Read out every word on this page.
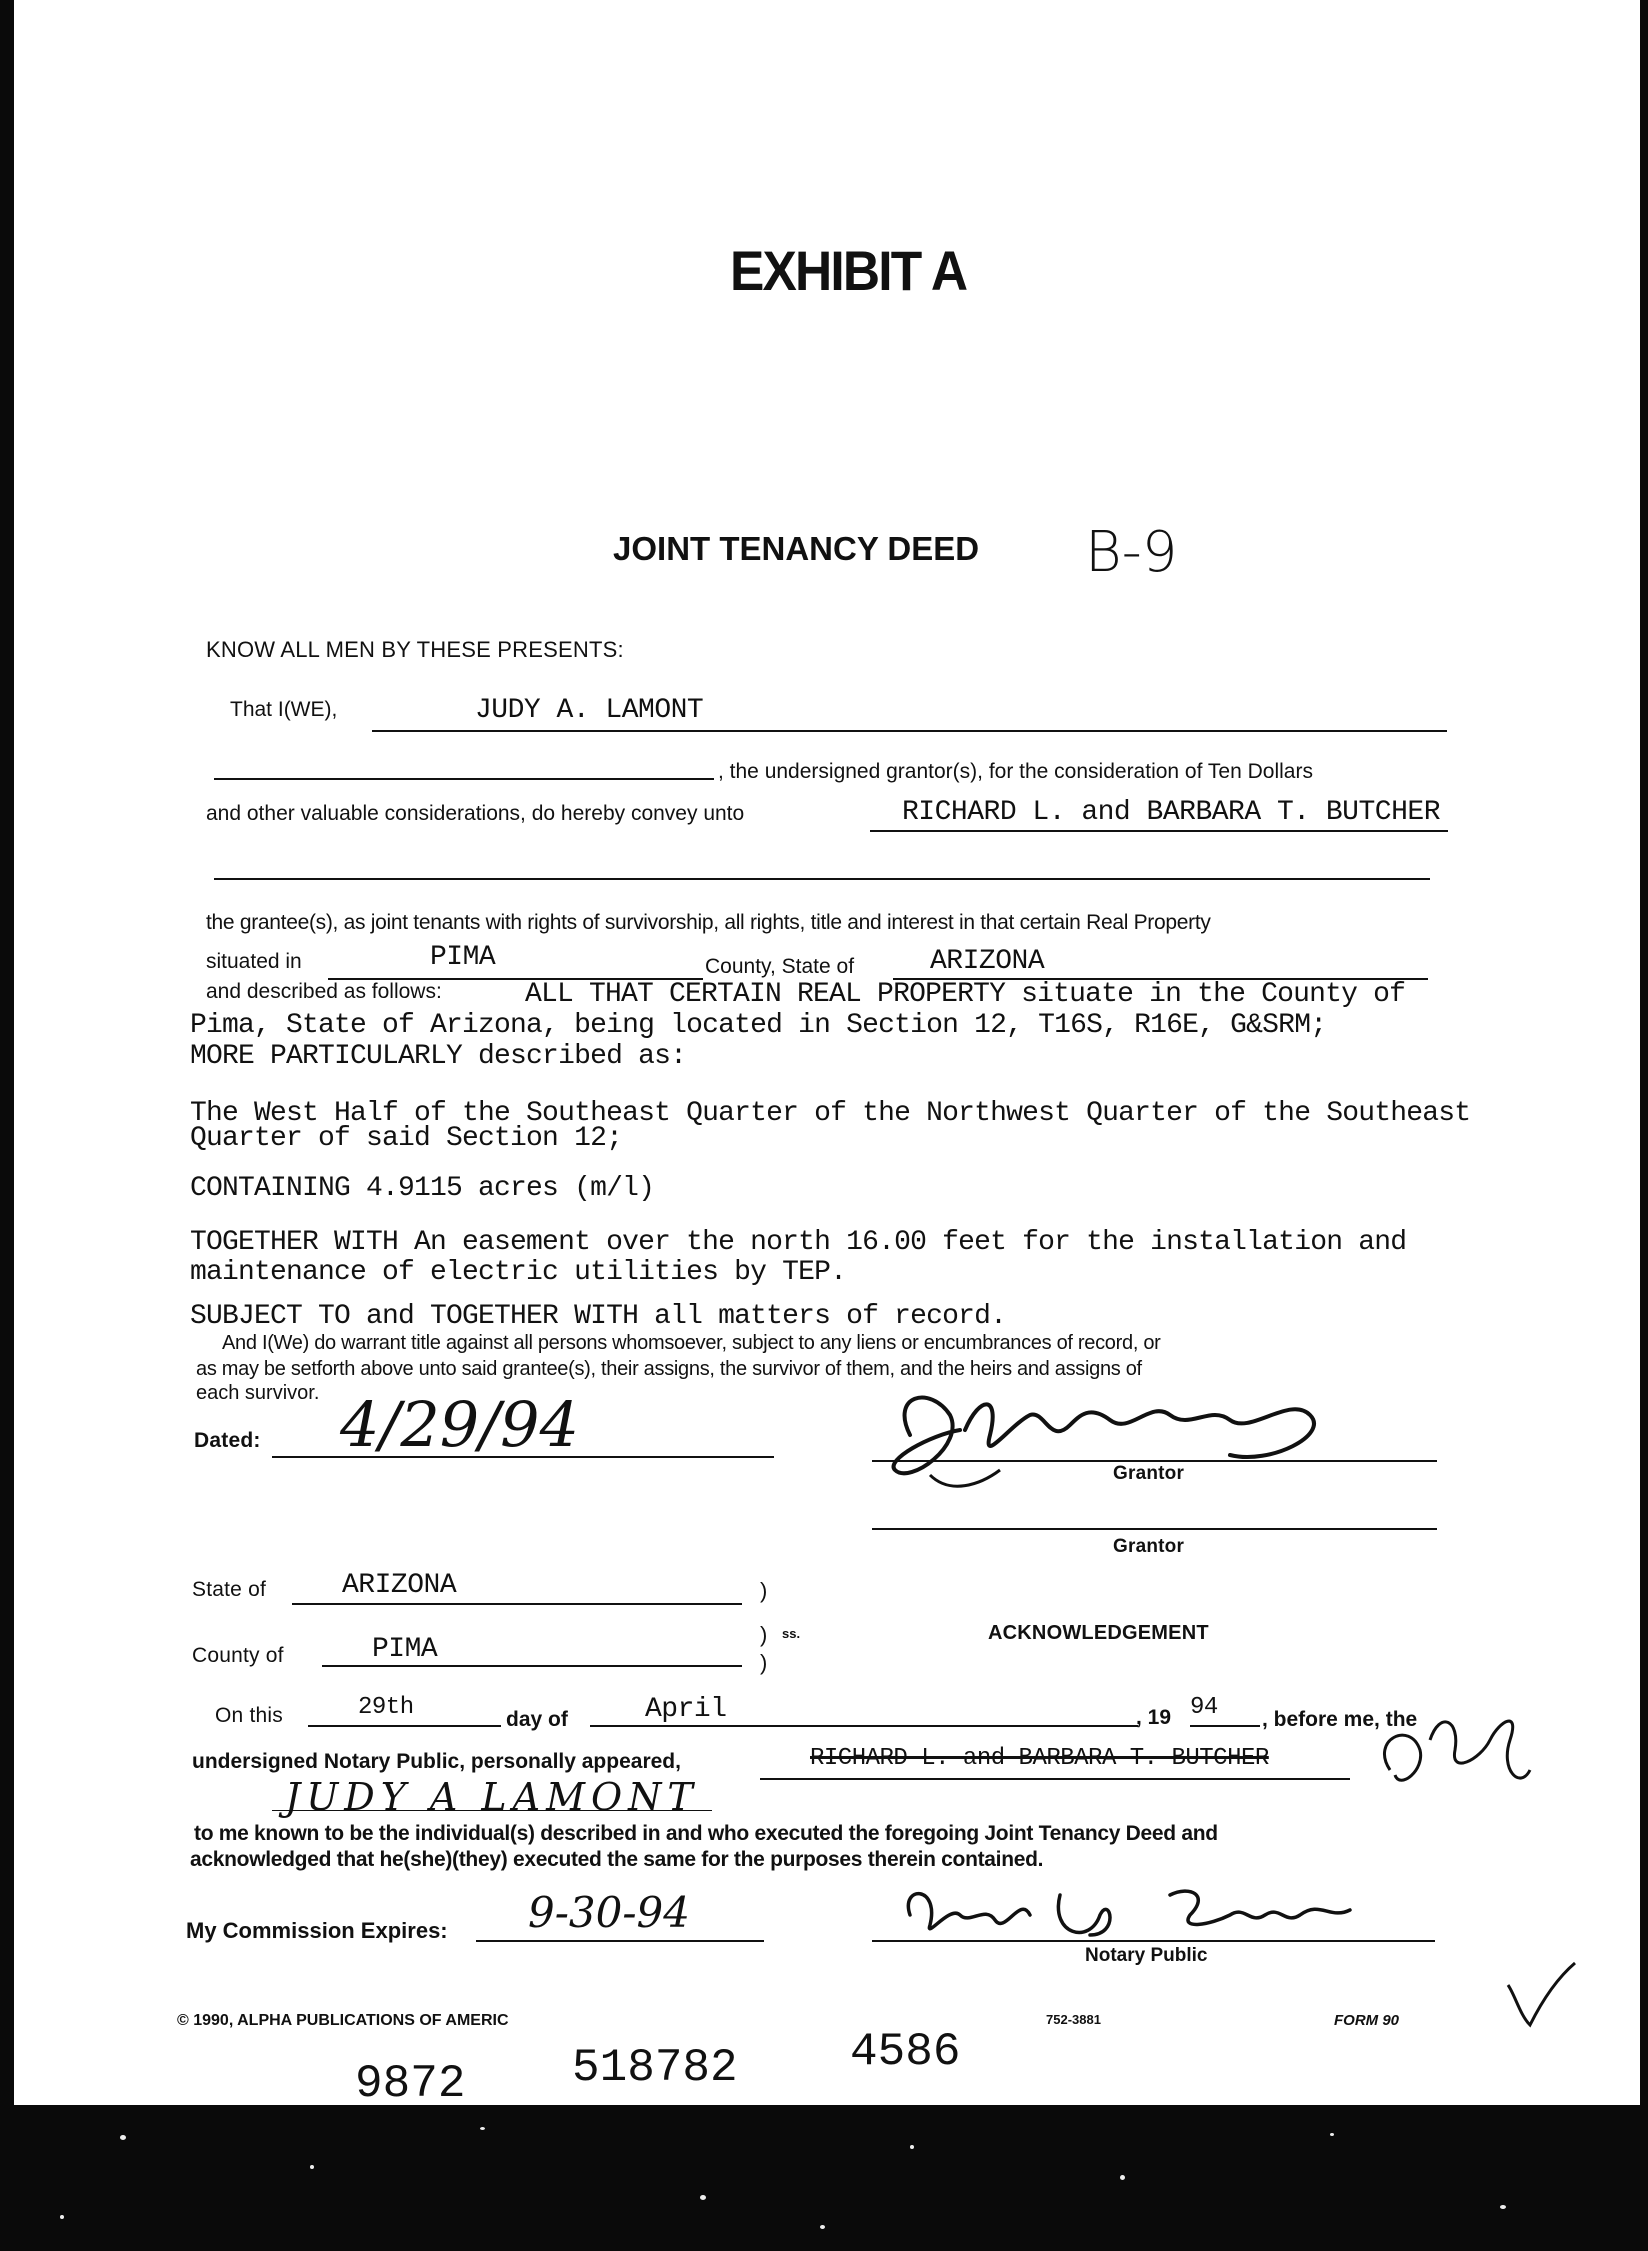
EXHIBIT A
JOINT TENANCY DEED B-9
KNOW ALL MEN BY THESE PRESENTS:
That I(WE),	JUDY A. LAMONT
, the undersigned grantor(s), for the consideration of Ten Dollars
and other valuable considerations, do hereby convey unto	RICHARD L. and BARBARA T. BUTCHER
the grantee(s), as joint tenants with rights of survivorship, all rights, title and interest in that certain Real Property
situated in	PIMA	County, State of	ARIZONA
and described as follows:	ALL THAT CERTAIN REAL PROPERTY situate in the County of
Pima, State of Arizona, being located in Section 12, T16S, R16E, G&SRM;
MORE PARTICULARLY described as:
The West Half of the Southeast Quarter of the Northwest Quarter of the Southeast
Quarter of said Section 12;
CONTAINING 4.9115 acres (m/l)
TOGETHER WITH An easement over the north 16.00 feet for the installation and
maintenance of electric utilities by TEP.
SUBJECT TO and TOGETHER WITH all matters of record.
And I(We) do warrant title against all persons whomsoever, subject to any liens or encumbrances of record, or
as may be setforth above unto said grantee(s), their assigns, the survivor of them, and the heirs and assigns of
each survivor.
Dated: 4/29/94
Grantor
Grantor
State of	ARIZONA	)
)
)
ss.	ACKNOWLEDGEMENT
County of	PIMA
On this	29th	day of	April	, 19 94 , before me, the
undersigned Notary Public, personally appeared,	RICHARD L. and BARBARA T. BUTCHER
JUDY A LAMONT
to me known to be the individual(s) described in and who executed the foregoing Joint Tenancy Deed and
acknowledged that he(she)(they) executed the same for the purposes therein contained.
My Commission Expires: 9-30-94
Notary Public
© 1990, ALPHA PUBLICATIONS OF AMERIC	752-3881	FORM 90
9872 518782 4586
